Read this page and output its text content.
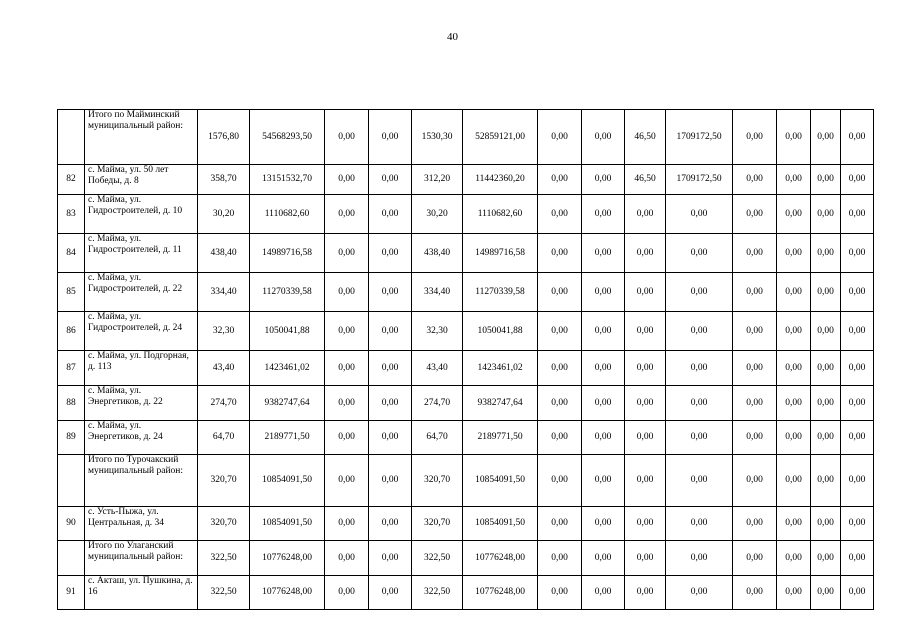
40
	Итого по Майминский муниципальный район:	1576,80	54568293,50	0,00	0,00	1530,30	52859121,00	0,00	0,00	46,50	1709172,50	0,00	0,00	0,00	0,00
82	с. Майма, ул. 50 лет Победы, д. 8	358,70	13151532,70	0,00	0,00	312,20	11442360,20	0,00	0,00	46,50	1709172,50	0,00	0,00	0,00	0,00
83	с. Майма, ул. Гидростроителей, д. 10	30,20	1110682,60	0,00	0,00	30,20	1110682,60	0,00	0,00	0,00	0,00	0,00	0,00	0,00	0,00
84	с. Майма, ул. Гидростроителей, д. 11	438,40	14989716,58	0,00	0,00	438,40	14989716,58	0,00	0,00	0,00	0,00	0,00	0,00	0,00	0,00
85	с. Майма, ул. Гидростроителей, д. 22	334,40	11270339,58	0,00	0,00	334,40	11270339,58	0,00	0,00	0,00	0,00	0,00	0,00	0,00	0,00
86	с. Майма, ул. Гидростроителей, д. 24	32,30	1050041,88	0,00	0,00	32,30	1050041,88	0,00	0,00	0,00	0,00	0,00	0,00	0,00	0,00
87	с. Майма, ул. Подгорная, д. 113	43,40	1423461,02	0,00	0,00	43,40	1423461,02	0,00	0,00	0,00	0,00	0,00	0,00	0,00	0,00
88	с. Майма, ул. Энергетиков, д. 22	274,70	9382747,64	0,00	0,00	274,70	9382747,64	0,00	0,00	0,00	0,00	0,00	0,00	0,00	0,00
89	с. Майма, ул. Энергетиков, д. 24	64,70	2189771,50	0,00	0,00	64,70	2189771,50	0,00	0,00	0,00	0,00	0,00	0,00	0,00	0,00
	Итого по Турочакский муниципальный район:	320,70	10854091,50	0,00	0,00	320,70	10854091,50	0,00	0,00	0,00	0,00	0,00	0,00	0,00	0,00
90	с. Усть-Пыжа, ул. Центральная, д. 34	320,70	10854091,50	0,00	0,00	320,70	10854091,50	0,00	0,00	0,00	0,00	0,00	0,00	0,00	0,00
	Итого по Улаганский муниципальный район:	322,50	10776248,00	0,00	0,00	322,50	10776248,00	0,00	0,00	0,00	0,00	0,00	0,00	0,00	0,00
91	с. Акташ, ул. Пушкина, д. 16	322,50	10776248,00	0,00	0,00	322,50	10776248,00	0,00	0,00	0,00	0,00	0,00	0,00	0,00	0,00
